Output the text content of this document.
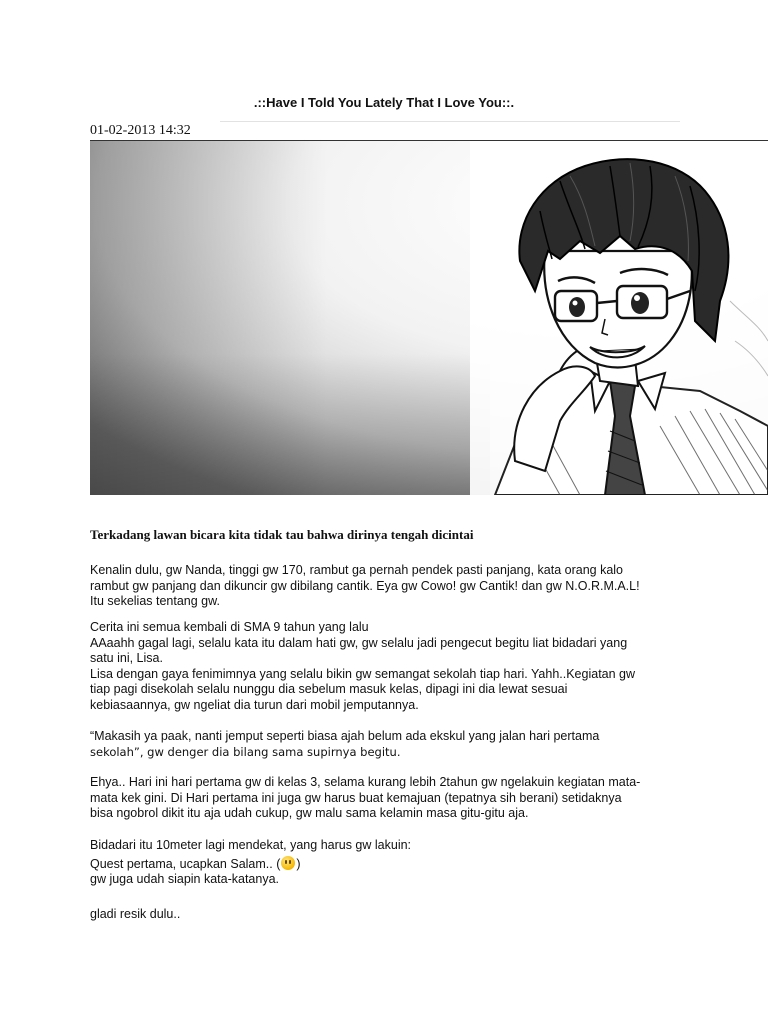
.::Have I Told You Lately That I Love You::.
01-02-2013 14:32
Terkadang lawan bicara kita tidak tau bahwa dirinya tengah dicintai
Kenalin dulu, gw Nanda, tinggi gw 170, rambut ga pernah pendek pasti panjang, kata orang kalo
rambut gw panjang dan dikuncir gw dibilang cantik. Eya gw Cowo! gw Cantik! dan gw N.O.R.M.A.L!
Itu sekelias tentang gw.
Cerita ini semua kembali di SMA 9 tahun yang lalu
AAaahh gagal lagi, selalu kata itu dalam hati gw, gw selalu jadi pengecut begitu liat bidadari yang
satu ini, Lisa.
Lisa dengan gaya fenimimnya yang selalu bikin gw semangat sekolah tiap hari. Yahh..Kegiatan gw
tiap pagi disekolah selalu nunggu dia sebelum masuk kelas, dipagi ini dia lewat sesuai
kebiasaannya, gw ngeliat dia turun dari mobil jemputannya.
“Makasih ya paak, nanti jemput seperti biasa ajah belum ada ekskul yang jalan hari pertama
sekolah”, gw denger dia bilang sama supirnya begitu.
Ehya.. Hari ini hari pertama gw di kelas 3, selama kurang lebih 2tahun gw ngelakuin kegiatan mata-
mata kek gini. Di Hari pertama ini juga gw harus buat kemajuan (tepatnya sih berani) setidaknya
bisa ngobrol dikit itu aja udah cukup, gw malu sama kelamin masa gitu-gitu aja.
Bidadari itu 10meter lagi mendekat, yang harus gw lakuin:
Quest pertama, ucapkan Salam.. ( )
gw juga udah siapin kata-katanya.
gladi resik dulu..
